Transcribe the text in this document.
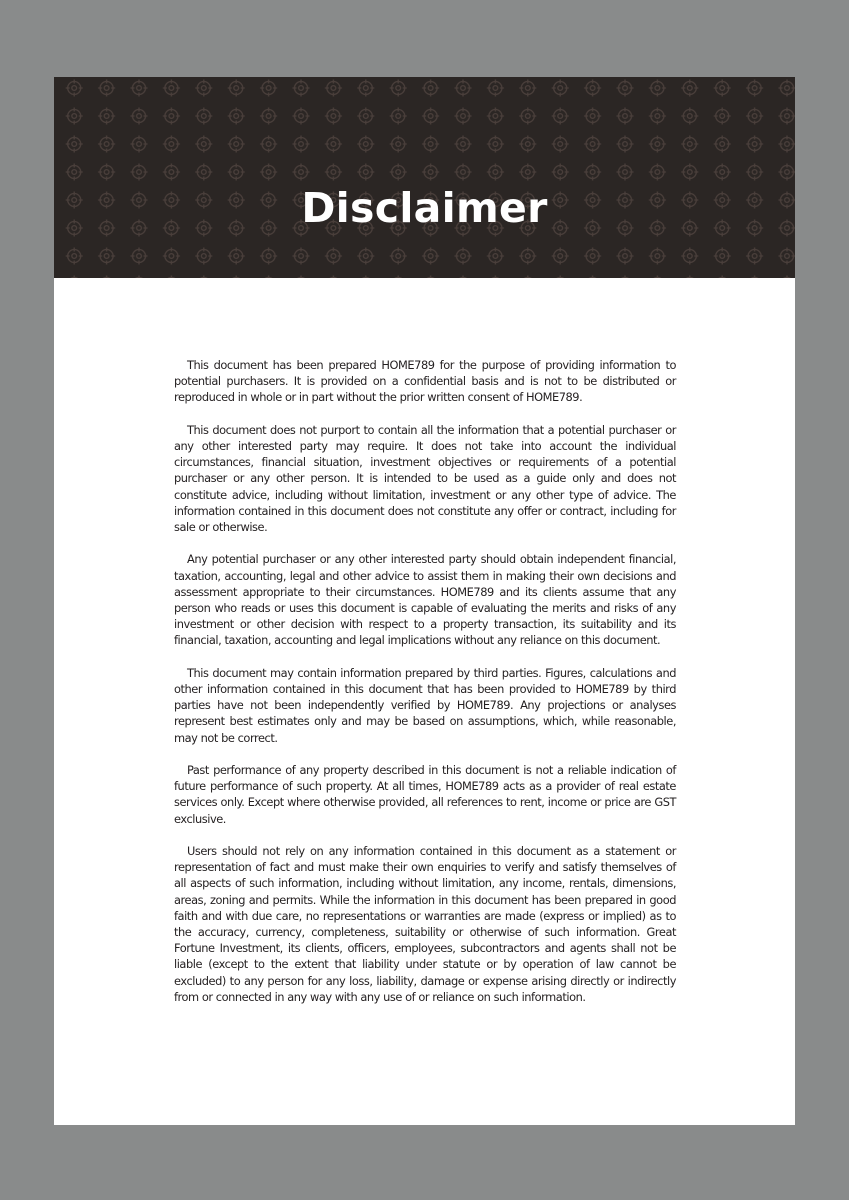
Disclaimer

This document has been prepared HOME789 for the purpose of providing information to potential purchasers. It is provided on a confidential basis and is not to be distributed or reproduced in whole or in part without the prior written consent of HOME789.

This document does not purport to contain all the information that a potential purchaser or any other interested party may require. It does not take into account the individual circumstances, financial situation, investment objectives or requirements of a potential purchaser or any other person. It is intended to be used as a guide only and does not constitute advice, including without limitation, investment or any other type of advice. The information contained in this document does not constitute any offer or contract, including for sale or otherwise.

Any potential purchaser or any other interested party should obtain independent financial, taxation, accounting, legal and other advice to assist them in making their own decisions and assessment appropriate to their circumstances. HOME789 and its clients assume that any person who reads or uses this document is capable of evaluating the merits and risks of any investment or other decision with respect to a property transaction, its suitability and its financial, taxation, accounting and legal implications without any reliance on this document.

This document may contain information prepared by third parties. Figures, calculations and other information contained in this document that has been provided to HOME789 by third parties have not been independently verified by HOME789. Any projections or analyses represent best estimates only and may be based on assumptions, which, while reasonable, may not be correct.

Past performance of any property described in this document is not a reliable indication of future performance of such property. At all times, HOME789 acts as a provider of real estate services only. Except where otherwise provided, all references to rent, income or price are GST exclusive.

Users should not rely on any information contained in this document as a statement or representation of fact and must make their own enquiries to verify and satisfy themselves of all aspects of such information, including without limitation, any income, rentals, dimensions, areas, zoning and permits. While the information in this document has been prepared in good faith and with due care, no representations or warranties are made (express or implied) as to the accuracy, currency, completeness, suitability or otherwise of such information. Great Fortune Investment, its clients, officers, employees, subcontractors and agents shall not be liable (except to the extent that liability under statute or by operation of law cannot be excluded) to any person for any loss, liability, damage or expense arising directly or indirectly from or connected in any way with any use of or reliance on such information.
